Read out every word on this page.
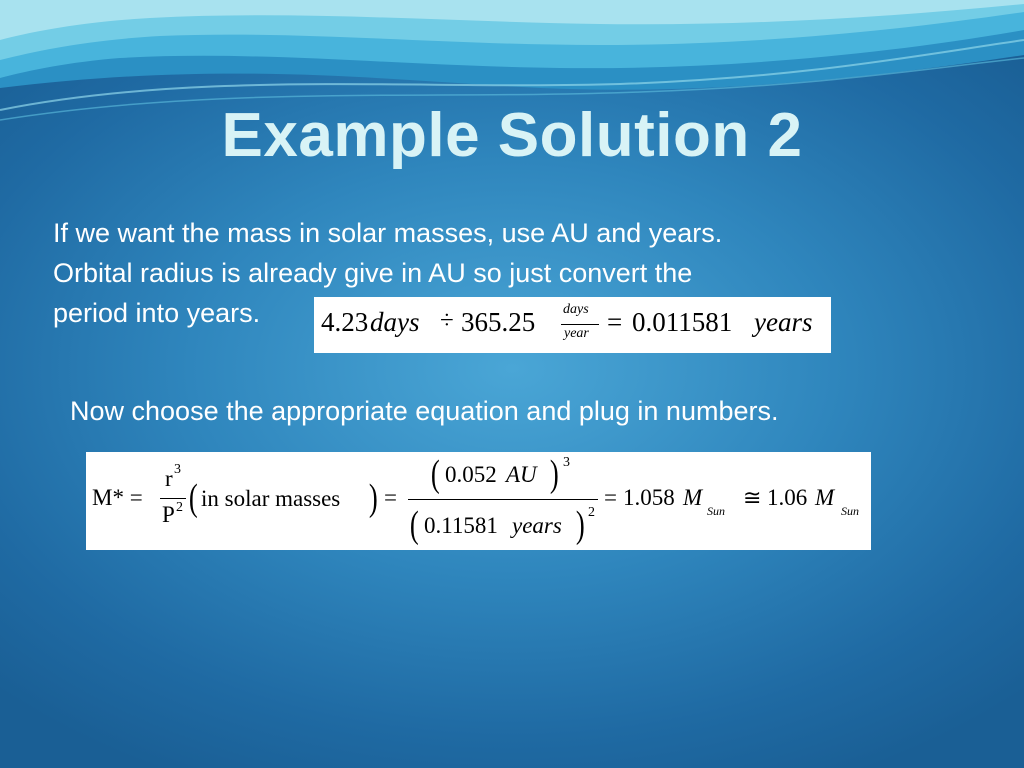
Example Solution 2
If we want the mass in solar masses, use AU and years.
Orbital radius is already give in AU so just convert the
period into years.	4.23 days ÷ 365.25 days
year = 0.011581 years
Now choose the appropriate equation and plug in numbers.
M* =
r 3
P 2 ( in solar masses ) =
( 0.052 AU ) 3
( 0.11581 years ) 2
= 1.058 M
Sun
≅ 1.06 M
Sun
